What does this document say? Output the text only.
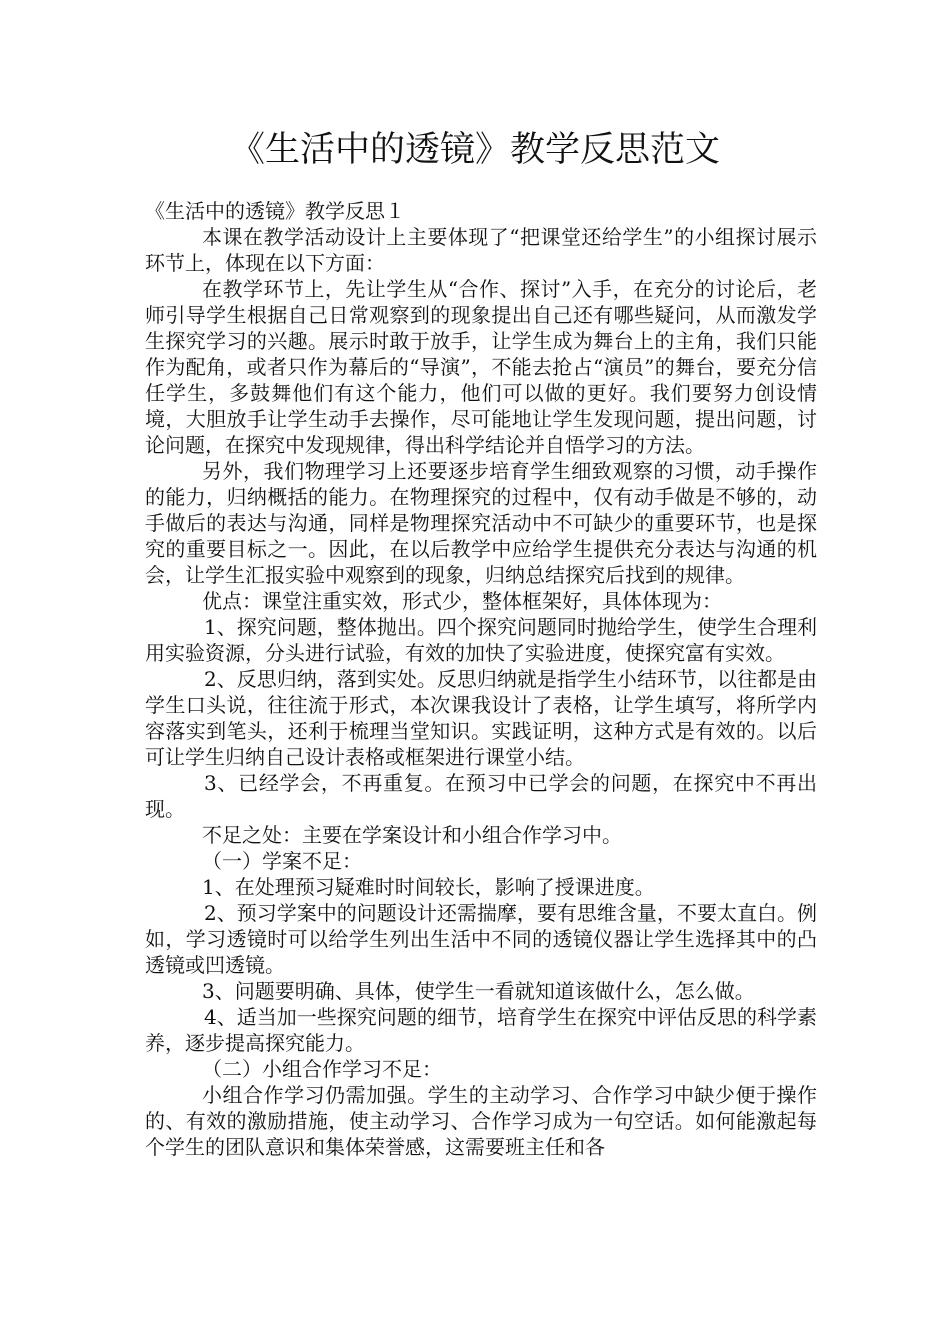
《生活中的透镜》教学反思范文

《生活中的透镜》教学反思１

本课在教学活动设计上主要体现了“把课堂还给学生”的小组探讨展示环节上，体现在以下方面：

在教学环节上，先让学生从“合作、探讨”入手，在充分的讨论后，老师引导学生根据自己日常观察到的现象提出自己还有哪些疑问，从而激发学生探究学习的兴趣。展示时敢于放手，让学生成为舞台上的主角，我们只能作为配角，或者只作为幕后的“导演”，不能去抢占“演员”的舞台，要充分信任学生，多鼓舞他们有这个能力，他们可以做的更好。我们要努力创设情境，大胆放手让学生动手去操作，尽可能地让学生发现问题，提出问题，讨论问题，在探究中发现规律，得出科学结论并自悟学习的方法。

另外，我们物理学习上还要逐步培育学生细致观察的习惯，动手操作的能力，归纳概括的能力。在物理探究的过程中，仅有动手做是不够的，动手做后的表达与沟通，同样是物理探究活动中不可缺少的重要环节，也是探究的重要目标之一。因此，在以后教学中应给学生提供充分表达与沟通的机会，让学生汇报实验中观察到的现象，归纳总结探究后找到的规律。

优点：课堂注重实效，形式少，整体框架好，具体体现为：

1、探究问题，整体抛出。四个探究问题同时抛给学生，使学生合理利用实验资源，分头进行试验，有效的加快了实验进度，使探究富有实效。

2、反思归纳，落到实处。反思归纳就是指学生小结环节，以往都是由学生口头说，往往流于形式，本次课我设计了表格，让学生填写，将所学内容落实到笔头，还利于梳理当堂知识。实践证明，这种方式是有效的。以后可让学生归纳自己设计表格或框架进行课堂小结。

3、已经学会，不再重复。在预习中已学会的问题，在探究中不再出现。

不足之处：主要在学案设计和小组合作学习中。

（一）学案不足：

1、在处理预习疑难时时间较长，影响了授课进度。

2、预习学案中的问题设计还需揣摩，要有思维含量，不要太直白。例如，学习透镜时可以给学生列出生活中不同的透镜仪器让学生选择其中的凸透镜或凹透镜。

3、问题要明确、具体，使学生一看就知道该做什么，怎么做。

4、适当加一些探究问题的细节，培育学生在探究中评估反思的科学素养，逐步提高探究能力。

（二）小组合作学习不足：

小组合作学习仍需加强。学生的主动学习、合作学习中缺少便于操作的、有效的激励措施，使主动学习、合作学习成为一句空话。如何能激起每个学生的团队意识和集体荣誉感，这需要班主任和各
